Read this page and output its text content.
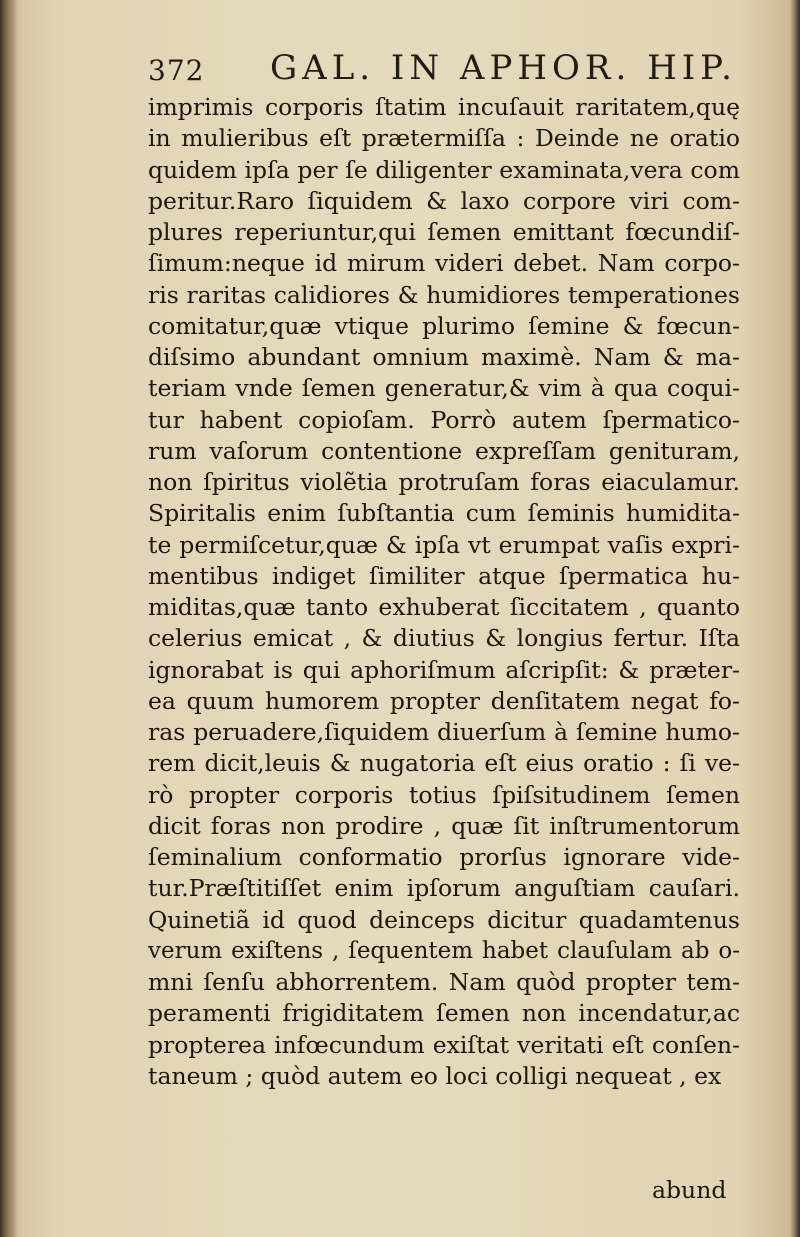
372 GAL. IN APHOR. HIP.
imprimis corporis ſtatim incuſauit raritatem,quę
in mulieribus eſt prætermiſſa : Deinde ne oratio
quidem ipſa per ſe diligenter examinata,vera com
peritur.Raro ſiquidem & laxo corpore viri com-
plures reperiuntur,qui ſemen emittant fœcundiſ-
ſimum:neque id mirum videri debet. Nam corpo-
ris raritas calidiores & humidiores temperationes
comitatur,quæ vtique plurimo ſemine & fœcun-
diſsimo abundant omnium maximè. Nam & ma-
teriam vnde ſemen generatur,& vim à qua coqui-
tur habent copioſam. Porrò autem ſpermatico-
rum vaſorum contentione expreſſam genituram,
non ſpiritus violẽtia protruſam foras eiaculamur.
Spiritalis enim ſubſtantia cum ſeminis humidita-
te permiſcetur,quæ & ipſa vt erumpat vaſis expri-
mentibus indiget ſimiliter atque ſpermatica hu-
miditas,quæ tanto exhuberat ſiccitatem , quanto
celerius emicat , & diutius & longius fertur. Iſta
ignorabat is qui aphoriſmum aſcripſit: & præter-
ea quum humorem propter denſitatem negat fo-
ras peruadere,ſiquidem diuerſum à ſemine humo-
rem dicit,leuis & nugatoria eſt eius oratio : ſi ve-
rò propter corporis totius ſpiſsitudinem ſemen
dicit foras non prodire , quæ ſit inſtrumentorum
ſeminalium conformatio prorſus ignorare vide-
tur.Præſtitiſſet enim ipſorum anguſtiam cauſari.
Quinetiã id quod deinceps dicitur quadamtenus
verum exiſtens , ſequentem habet clauſulam ab o-
mni ſenſu abhorrentem. Nam quòd propter tem-
peramenti frigiditatem ſemen non incendatur,ac
propterea infœcundum exiſtat veritati eſt conſen-
taneum ; quòd autem eo loci colligi nequeat , ex
abund
